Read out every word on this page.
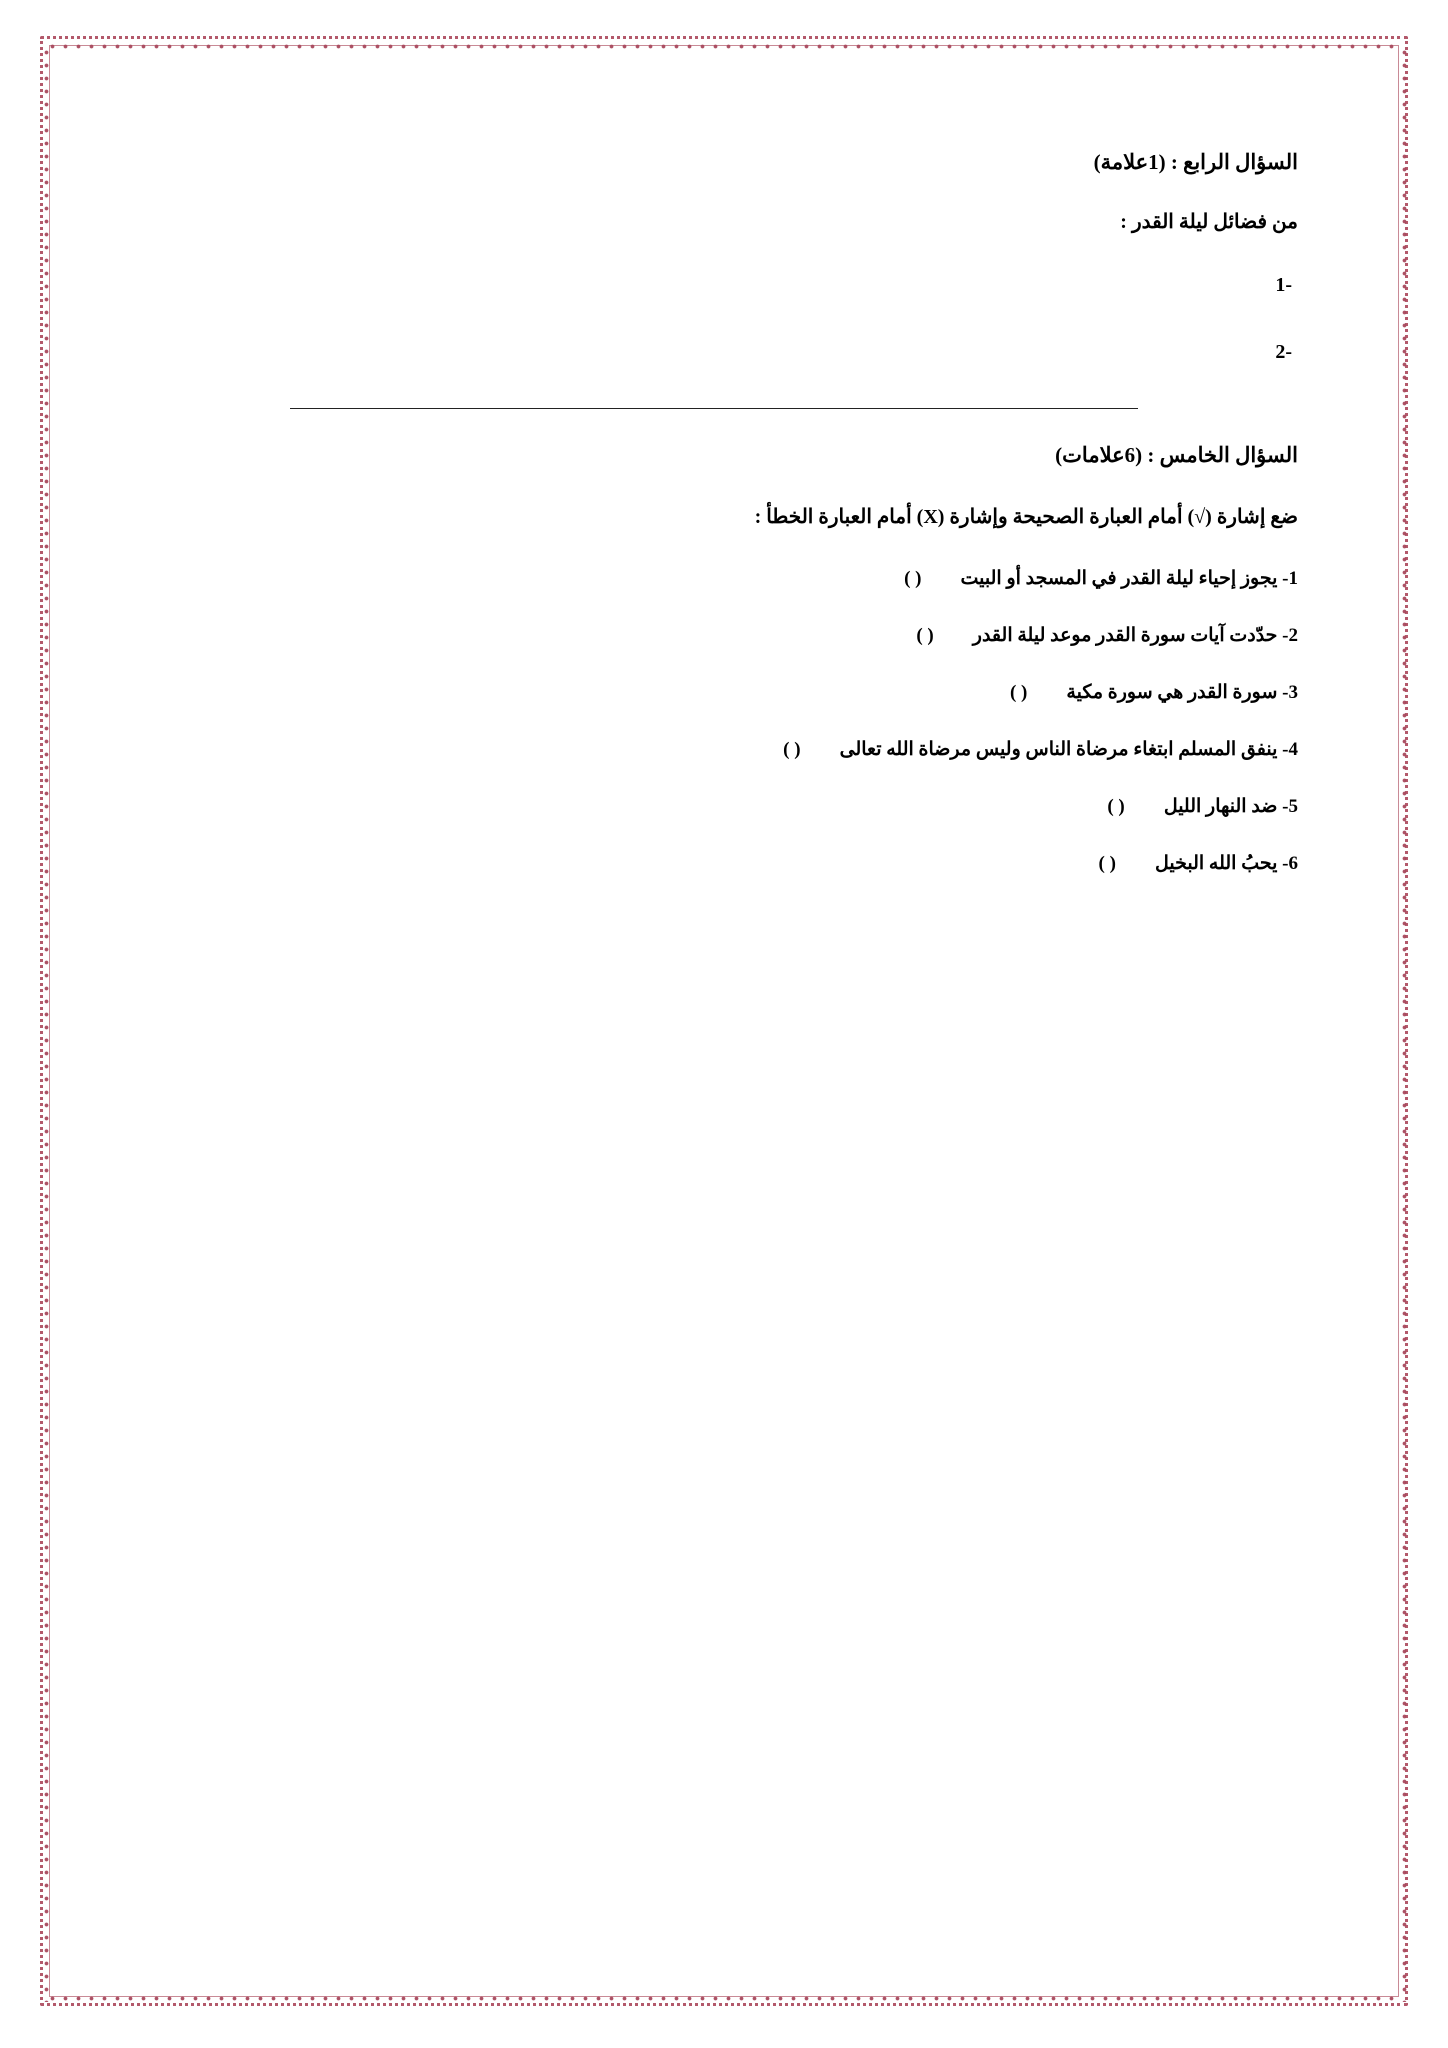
السؤال الرابع : (1علامة)

من فضائل ليلة القدر :

-1

-2

السؤال الخامس : (6علامات)

ضع إشارة (√) أمام العبارة الصحيحة وإشارة (X) أمام العبارة الخطأ :

1- يجوز إحياء ليلة القدر في المسجد أو البيت ( )
2- حدّدت آيات سورة القدر موعد ليلة القدر ( )
3- سورة القدر هي سورة مكية ( )
4- ينفق المسلم ابتغاء مرضاة الناس وليس مرضاة الله تعالى ( )
5- ضد النهار الليل ( )
6- يحبُ الله البخيل ( )
